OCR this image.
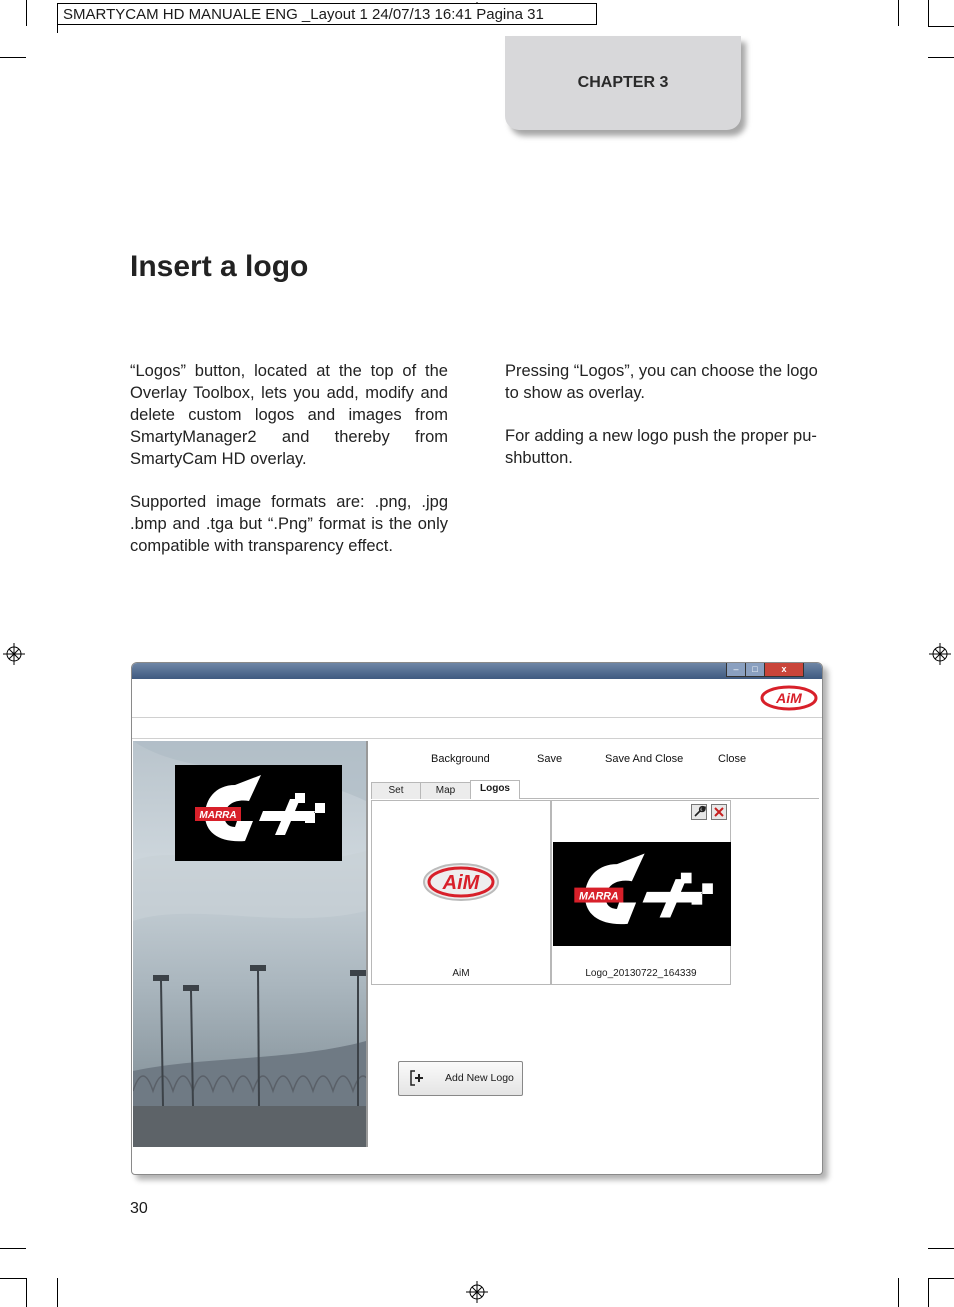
SMARTYCAM HD MANUALE ENG _Layout 1 24/07/13 16:41 Pagina 31
CHAPTER 3
Insert a logo

“Logos” button, located at the top of the Overlay Toolbox, lets you add, modify and delete custom logos and images from SmartyManager2 and thereby from SmartyCam HD overlay.

Supported image formats are: .png, .jpg .bmp and .tga but “.Png” format is the only compatible with transparency effect.

Pressing “Logos”, you can choose the logo to show as overlay.

For adding a new logo push the proper pu-shbutton.

–	□	x
AiM
MARRA
Background	Save	Save And Close	Close
Set	Map	Logos
AiM
AiM
MARRA
Logo_20130722_164339
Add New Logo
30
